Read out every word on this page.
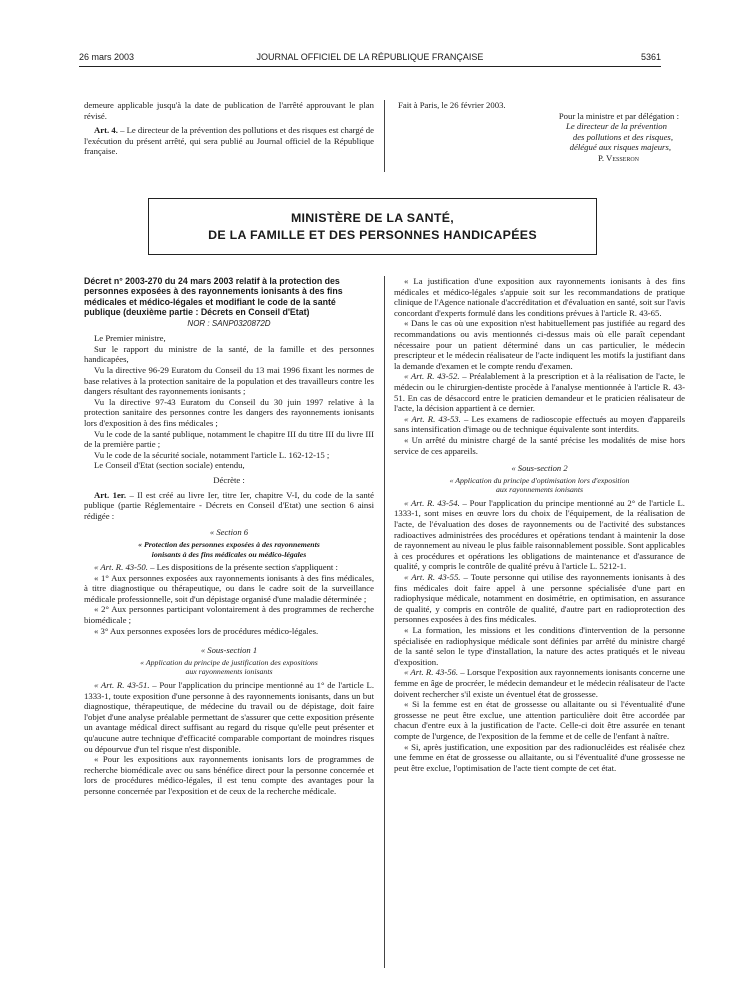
26 mars 2003	JOURNAL OFFICIEL DE LA RÉPUBLIQUE FRANÇAISE	5361

demeure applicable jusqu'à la date de publication de l'arrêté approuvant le plan révisé.

Art. 4. – Le directeur de la prévention des pollutions et des risques est chargé de l'exécution du présent arrêté, qui sera publié au Journal officiel de la République française.

Fait à Paris, le 26 février 2003.

Pour la ministre et par délégation :

Le directeur de la prévention

des pollutions et des risques,

délégué aux risques majeurs,

P. Vesseron

MINISTÈRE DE LA SANTÉ,
DE LA FAMILLE ET DES PERSONNES HANDICAPÉES
Décret n° 2003-270 du 24 mars 2003 relatif à la protection des personnes exposées à des rayonnements ionisants à des fins médicales et médico-légales et modifiant le code de la santé publique (deuxième partie : Décrets en Conseil d'Etat)
NOR : SANP0320872D

Le Premier ministre,

Sur le rapport du ministre de la santé, de la famille et des personnes handicapées,

Vu la directive 96-29 Euratom du Conseil du 13 mai 1996 fixant les normes de base relatives à la protection sanitaire de la population et des travailleurs contre les dangers résultant des rayonnements ionisants ;

Vu la directive 97-43 Euratom du Conseil du 30 juin 1997 relative à la protection sanitaire des personnes contre les dangers des rayonnements ionisants lors d'exposition à des fins médicales ;

Vu le code de la santé publique, notamment le chapitre III du titre III du livre III de la première partie ;

Vu le code de la sécurité sociale, notamment l'article L. 162-12-15 ;

Le Conseil d'Etat (section sociale) entendu,

Décrète :

Art. 1er. – Il est créé au livre Ier, titre Ier, chapitre V-I, du code de la santé publique (partie Réglementaire - Décrets en Conseil d'Etat) une section 6 ainsi rédigée :

« Section 6
« Protection des personnes exposées à des rayonnements
ionisants à des fins médicales ou médico-légales

« Art. R. 43-50. – Les dispositions de la présente section s'appliquent :

« 1° Aux personnes exposées aux rayonnements ionisants à des fins médicales, à titre diagnostique ou thérapeutique, ou dans le cadre soit de la surveillance médicale professionnelle, soit d'un dépistage organisé d'une maladie déterminée ;

« 2° Aux personnes participant volontairement à des programmes de recherche biomédicale ;

« 3° Aux personnes exposées lors de procédures médico-légales.

« Sous-section 1
« Application du principe de justification des expositions
aux rayonnements ionisants

« Art. R. 43-51. – Pour l'application du principe mentionné au 1° de l'article L. 1333-1, toute exposition d'une personne à des rayonnements ionisants, dans un but diagnostique, thérapeutique, de médecine du travail ou de dépistage, doit faire l'objet d'une analyse préalable permettant de s'assurer que cette exposition présente un avantage médical direct suffisant au regard du risque qu'elle peut présenter et qu'aucune autre technique d'efficacité comparable comportant de moindres risques ou dépourvue d'un tel risque n'est disponible.

« Pour les expositions aux rayonnements ionisants lors de programmes de recherche biomédicale avec ou sans bénéfice direct pour la personne concernée et lors de procédures médico-légales, il est tenu compte des avantages pour la personne concernée par l'exposition et de ceux de la recherche médicale.

« La justification d'une exposition aux rayonnements ionisants à des fins médicales et médico-légales s'appuie soit sur les recommandations de pratique clinique de l'Agence nationale d'accréditation et d'évaluation en santé, soit sur l'avis concordant d'experts formulé dans les conditions prévues à l'article R. 43-65.

« Dans le cas où une exposition n'est habituellement pas justifiée au regard des recommandations ou avis mentionnés ci-dessus mais où elle paraît cependant nécessaire pour un patient déterminé dans un cas particulier, le médecin prescripteur et le médecin réalisateur de l'acte indiquent les motifs la justifiant dans la demande d'examen et le compte rendu d'examen.

« Art. R. 43-52. – Préalablement à la prescription et à la réalisation de l'acte, le médecin ou le chirurgien-dentiste procède à l'analyse mentionnée à l'article R. 43-51. En cas de désaccord entre le praticien demandeur et le praticien réalisateur de l'acte, la décision appartient à ce dernier.

« Art. R. 43-53. – Les examens de radioscopie effectués au moyen d'appareils sans intensification d'image ou de technique équivalente sont interdits.

« Un arrêté du ministre chargé de la santé précise les modalités de mise hors service de ces appareils.

« Sous-section 2
« Application du principe d'optimisation lors d'exposition
aux rayonnements ionisants

« Art. R. 43-54. – Pour l'application du principe mentionné au 2° de l'article L. 1333-1, sont mises en œuvre lors du choix de l'équipement, de la réalisation de l'acte, de l'évaluation des doses de rayonnements ou de l'activité des substances radioactives administrées des procédures et opérations tendant à maintenir la dose de rayonnement au niveau le plus faible raisonnablement possible. Sont applicables à ces procédures et opérations les obligations de maintenance et d'assurance de qualité, y compris le contrôle de qualité prévu à l'article L. 5212-1.

« Art. R. 43-55. – Toute personne qui utilise des rayonnements ionisants à des fins médicales doit faire appel à une personne spécialisée d'une part en radiophysique médicale, notamment en dosimétrie, en optimisation, en assurance de qualité, y compris en contrôle de qualité, d'autre part en radioprotection des personnes exposées à des fins médicales.

« La formation, les missions et les conditions d'intervention de la personne spécialisée en radiophysique médicale sont définies par arrêté du ministre chargé de la santé selon le type d'installation, la nature des actes pratiqués et le niveau d'exposition.

« Art. R. 43-56. – Lorsque l'exposition aux rayonnements ionisants concerne une femme en âge de procréer, le médecin demandeur et le médecin réalisateur de l'acte doivent rechercher s'il existe un éventuel état de grossesse.

« Si la femme est en état de grossesse ou allaitante ou si l'éventualité d'une grossesse ne peut être exclue, une attention particulière doit être accordée par chacun d'entre eux à la justification de l'acte. Celle-ci doit être assurée en tenant compte de l'urgence, de l'exposition de la femme et de celle de l'enfant à naître.

« Si, après justification, une exposition par des radionucléides est réalisée chez une femme en état de grossesse ou allaitante, ou si l'éventualité d'une grossesse ne peut être exclue, l'optimisation de l'acte tient compte de cet état.
